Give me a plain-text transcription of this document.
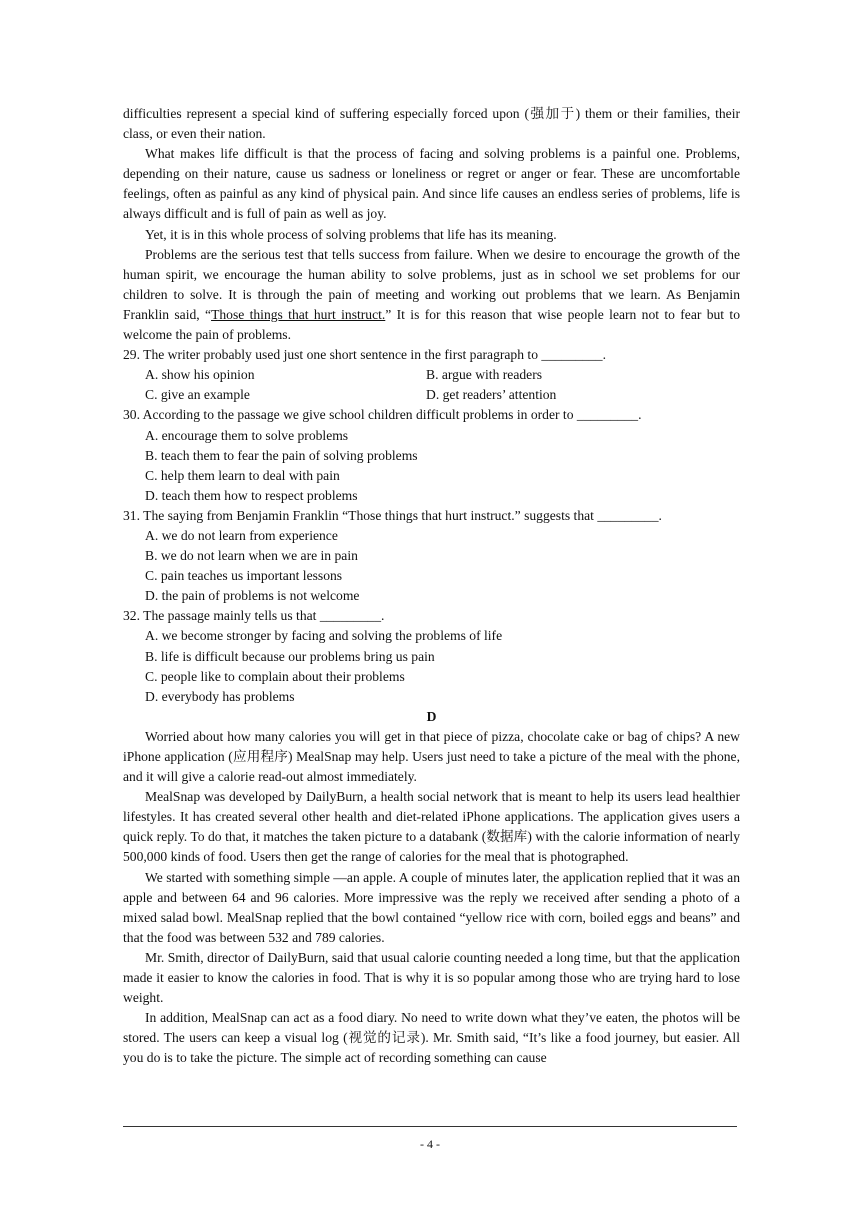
difficulties represent a special kind of suffering especially forced upon (强加于) them or their families, their class, or even their nation.

What makes life difficult is that the process of facing and solving problems is a painful one. Problems, depending on their nature, cause us sadness or loneliness or regret or anger or fear. These are uncomfortable feelings, often as painful as any kind of physical pain. And since life causes an endless series of problems, life is always difficult and is full of pain as well as joy.

Yet, it is in this whole process of solving problems that life has its meaning.

Problems are the serious test that tells success from failure. When we desire to encourage the growth of the human spirit, we encourage the human ability to solve problems, just as in school we set problems for our children to solve. It is through the pain of meeting and working out problems that we learn. As Benjamin Franklin said, “Those things that hurt instruct.” It is for this reason that wise people learn not to fear but to welcome the pain of problems.

29. The writer probably used just one short sentence in the first paragraph to _________.

A. show his opinion	B. argue with readers
C. give an example	D. get readers’ attention

30. According to the passage we give school children difficult problems in order to _________.

A. encourage them to solve problems

B. teach them to fear the pain of solving problems

C. help them learn to deal with pain

D. teach them how to respect problems

31. The saying from Benjamin Franklin “Those things that hurt instruct.” suggests that _________.

A. we do not learn from experience

B. we do not learn when we are in pain

C. pain teaches us important lessons

D. the pain of problems is not welcome

32. The passage mainly tells us that _________.

A. we become stronger by facing and solving the problems of life

B. life is difficult because our problems bring us pain

C. people like to complain about their problems

D. everybody has problems

D

Worried about how many calories you will get in that piece of pizza, chocolate cake or bag of chips? A new iPhone application (应用程序) MealSnap may help. Users just need to take a picture of the meal with the phone, and it will give a calorie read-out almost immediately.

MealSnap was developed by DailyBurn, a health social network that is meant to help its users lead healthier lifestyles. It has created several other health and diet-related iPhone applications. The application gives users a quick reply. To do that, it matches the taken picture to a databank (数据库) with the calorie information of nearly 500,000 kinds of food. Users then get the range of calories for the meal that is photographed.

We started with something simple —an apple. A couple of minutes later, the application replied that it was an apple and between 64 and 96 calories. More impressive was the reply we received after sending a photo of a mixed salad bowl. MealSnap replied that the bowl contained “yellow rice with corn, boiled eggs and beans” and that the food was between 532 and 789 calories.

Mr. Smith, director of DailyBurn, said that usual calorie counting needed a long time, but that the application made it easier to know the calories in food. That is why it is so popular among those who are trying hard to lose weight.

In addition, MealSnap can act as a food diary. No need to write down what they’ve eaten, the photos will be stored. The users can keep a visual log (视觉的记录). Mr. Smith said, “It’s like a food journey, but easier. All you do is to take the picture. The simple act of recording something can cause

- 4 -
